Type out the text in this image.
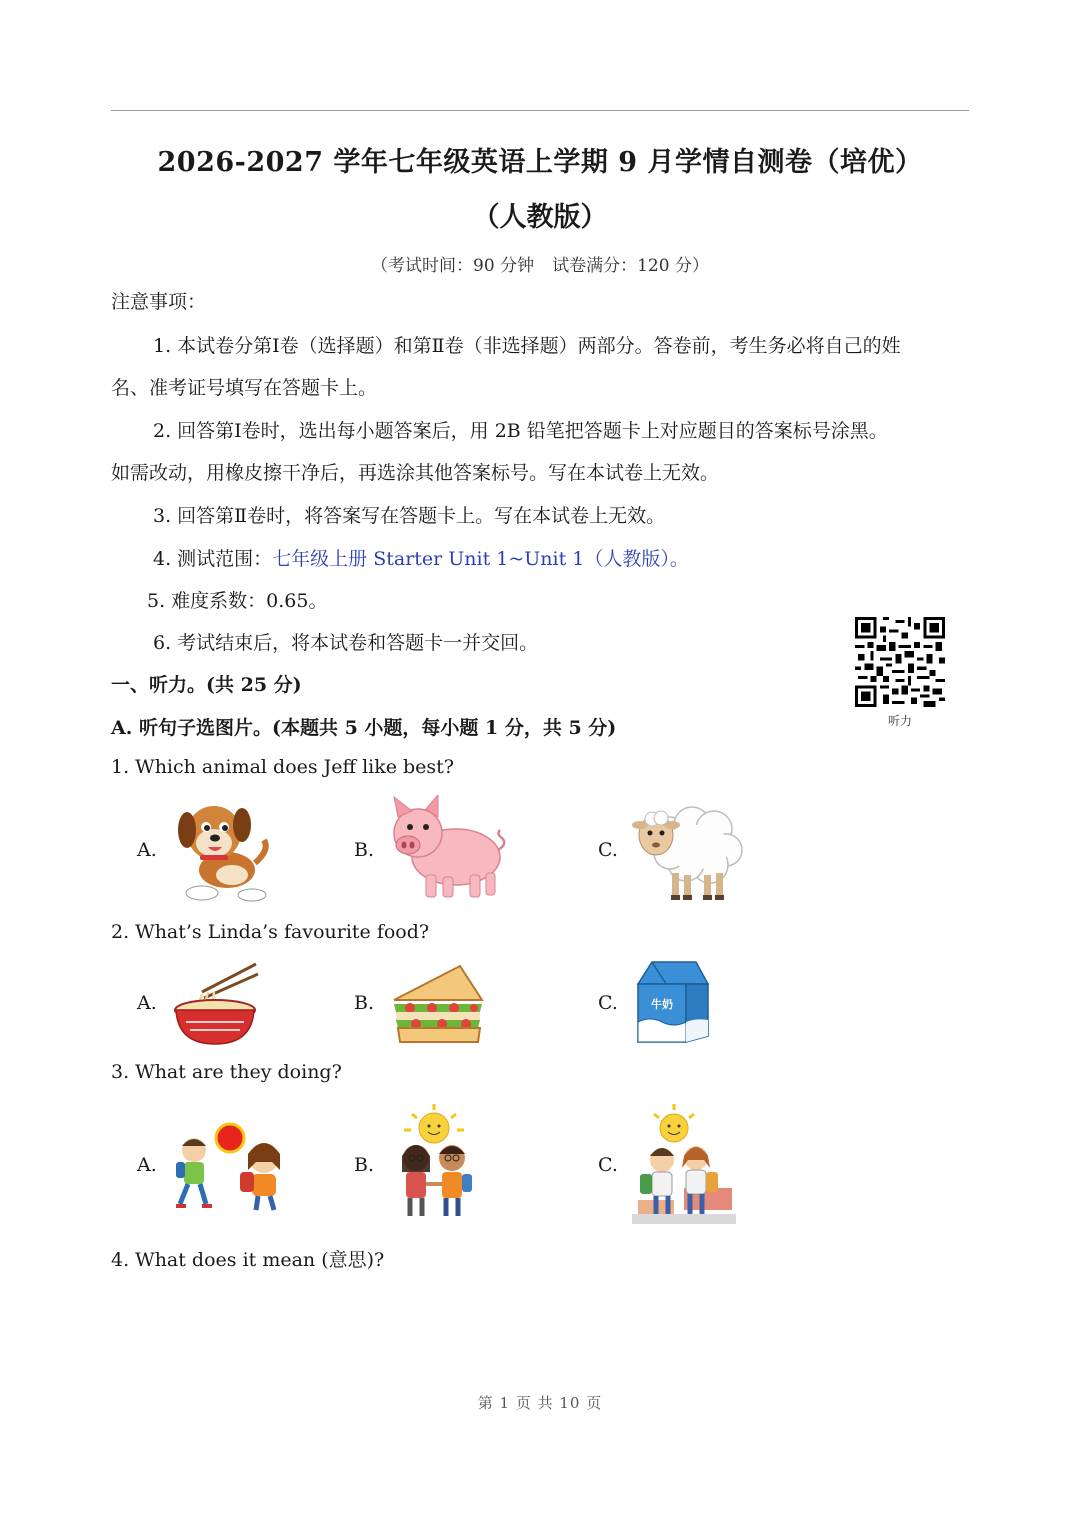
2026-2027 学年七年级英语上学期 9 月学情自测卷（培优）
（人教版）
（考试时间：90 分钟 试卷满分：120 分）
注意事项：
1. 本试卷分第Ⅰ卷（选择题）和第Ⅱ卷（非选择题）两部分。答卷前，考生务必将自己的姓
名、准考证号填写在答题卡上。
2. 回答第Ⅰ卷时，选出每小题答案后，用 2B 铅笔把答题卡上对应题目的答案标号涂黑。
如需改动，用橡皮擦干净后，再选涂其他答案标号。写在本试卷上无效。
3. 回答第Ⅱ卷时，将答案写在答题卡上。写在本试卷上无效。
4. 测试范围：七年级上册 Starter Unit 1~Unit 1（人教版）。
5. 难度系数：0.65。
6. 考试结束后，将本试卷和答题卡一并交回。
听力
一、听力。(共 25 分)
A. 听句子选图片。(本题共 5 小题，每小题 1 分，共 5 分)
1. Which animal does Jeff like best?
A.	B.	C.
2. What’s Linda’s favourite food?
A.	B.	C.	牛奶
3. What are they doing?
A.	B.	C.
4. What does it mean (意思)?
第 1 页 共 10 页
